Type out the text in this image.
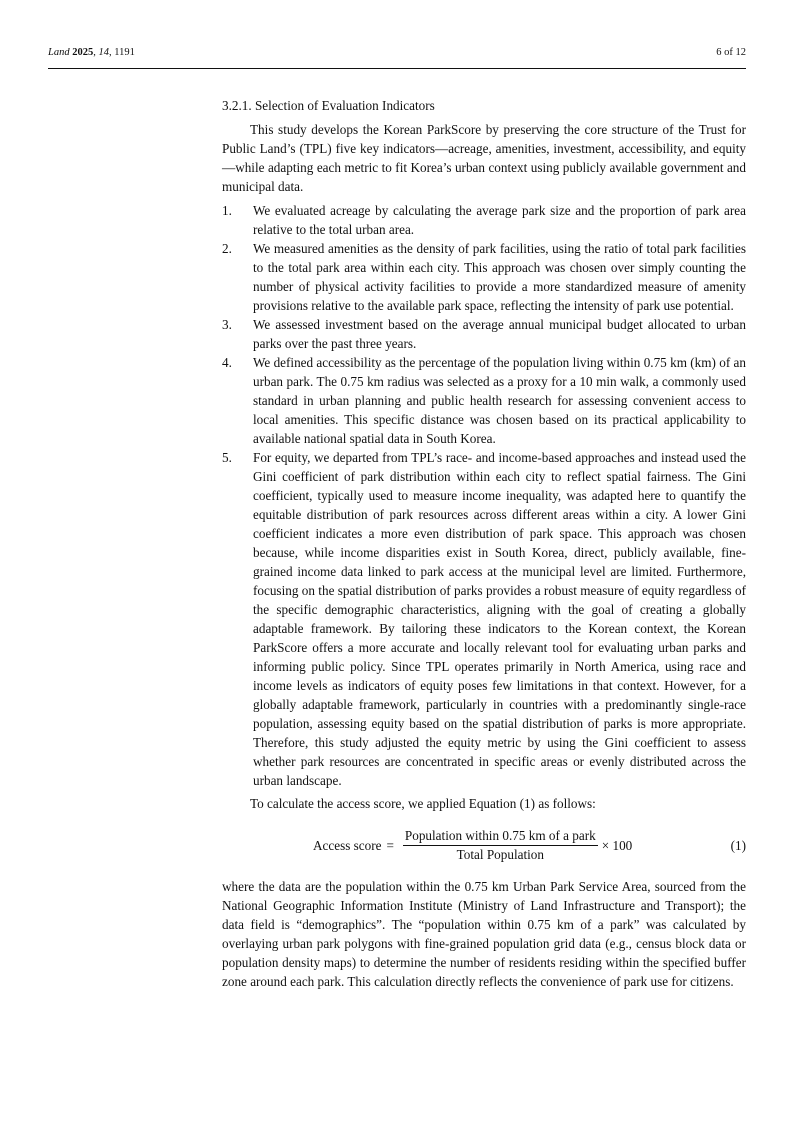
Land 2025, 14, 1191	6 of 12
3.2.1. Selection of Evaluation Indicators

This study develops the Korean ParkScore by preserving the core structure of the Trust for Public Land’s (TPL) five key indicators—acreage, amenities, investment, accessibility, and equity—while adapting each metric to fit Korea’s urban context using publicly available government and municipal data.

1. We evaluated acreage by calculating the average park size and the proportion of park area relative to the total urban area.
2. We measured amenities as the density of park facilities, using the ratio of total park facilities to the total park area within each city. This approach was chosen over simply counting the number of physical activity facilities to provide a more standardized measure of amenity provisions relative to the available park space, reflecting the intensity of park use potential.
3. We assessed investment based on the average annual municipal budget allocated to urban parks over the past three years.
4. We defined accessibility as the percentage of the population living within 0.75 km (km) of an urban park. The 0.75 km radius was selected as a proxy for a 10 min walk, a commonly used standard in urban planning and public health research for assessing convenient access to local amenities. This specific distance was chosen based on its practical applicability to available national spatial data in South Korea.
5. For equity, we departed from TPL’s race- and income-based approaches and instead used the Gini coefficient of park distribution within each city to reflect spatial fairness. The Gini coefficient, typically used to measure income inequality, was adapted here to quantify the equitable distribution of park resources across different areas within a city. A lower Gini coefficient indicates a more even distribution of park space. This approach was chosen because, while income disparities exist in South Korea, direct, publicly available, fine-grained income data linked to park access at the municipal level are limited. Furthermore, focusing on the spatial distribution of parks provides a robust measure of equity regardless of the specific demographic characteristics, aligning with the goal of creating a globally adaptable framework. By tailoring these indicators to the Korean context, the Korean ParkScore offers a more accurate and locally relevant tool for evaluating urban parks and informing public policy. Since TPL operates primarily in North America, using race and income levels as indicators of equity poses few limitations in that context. However, for a globally adaptable framework, particularly in countries with a predominantly single-race population, assessing equity based on the spatial distribution of parks is more appropriate. Therefore, this study adjusted the equity metric by using the Gini coefficient to assess whether park resources are concentrated in specific areas or evenly distributed across the urban landscape.

To calculate the access score, we applied Equation (1) as follows:

Access score = $\frac{\text{Population within 0.75 km of a park}}{\text{Total Population}} \times 100$	(1)

where the data are the population within the 0.75 km Urban Park Service Area, sourced from the National Geographic Information Institute (Ministry of Land Infrastructure and Transport); the data field is “demographics”. The “population within 0.75 km of a park” was calculated by overlaying urban park polygons with fine-grained population grid data (e.g., census block data or population density maps) to determine the number of residents residing within the specified buffer zone around each park. This calculation directly reflects the convenience of park use for citizens.
